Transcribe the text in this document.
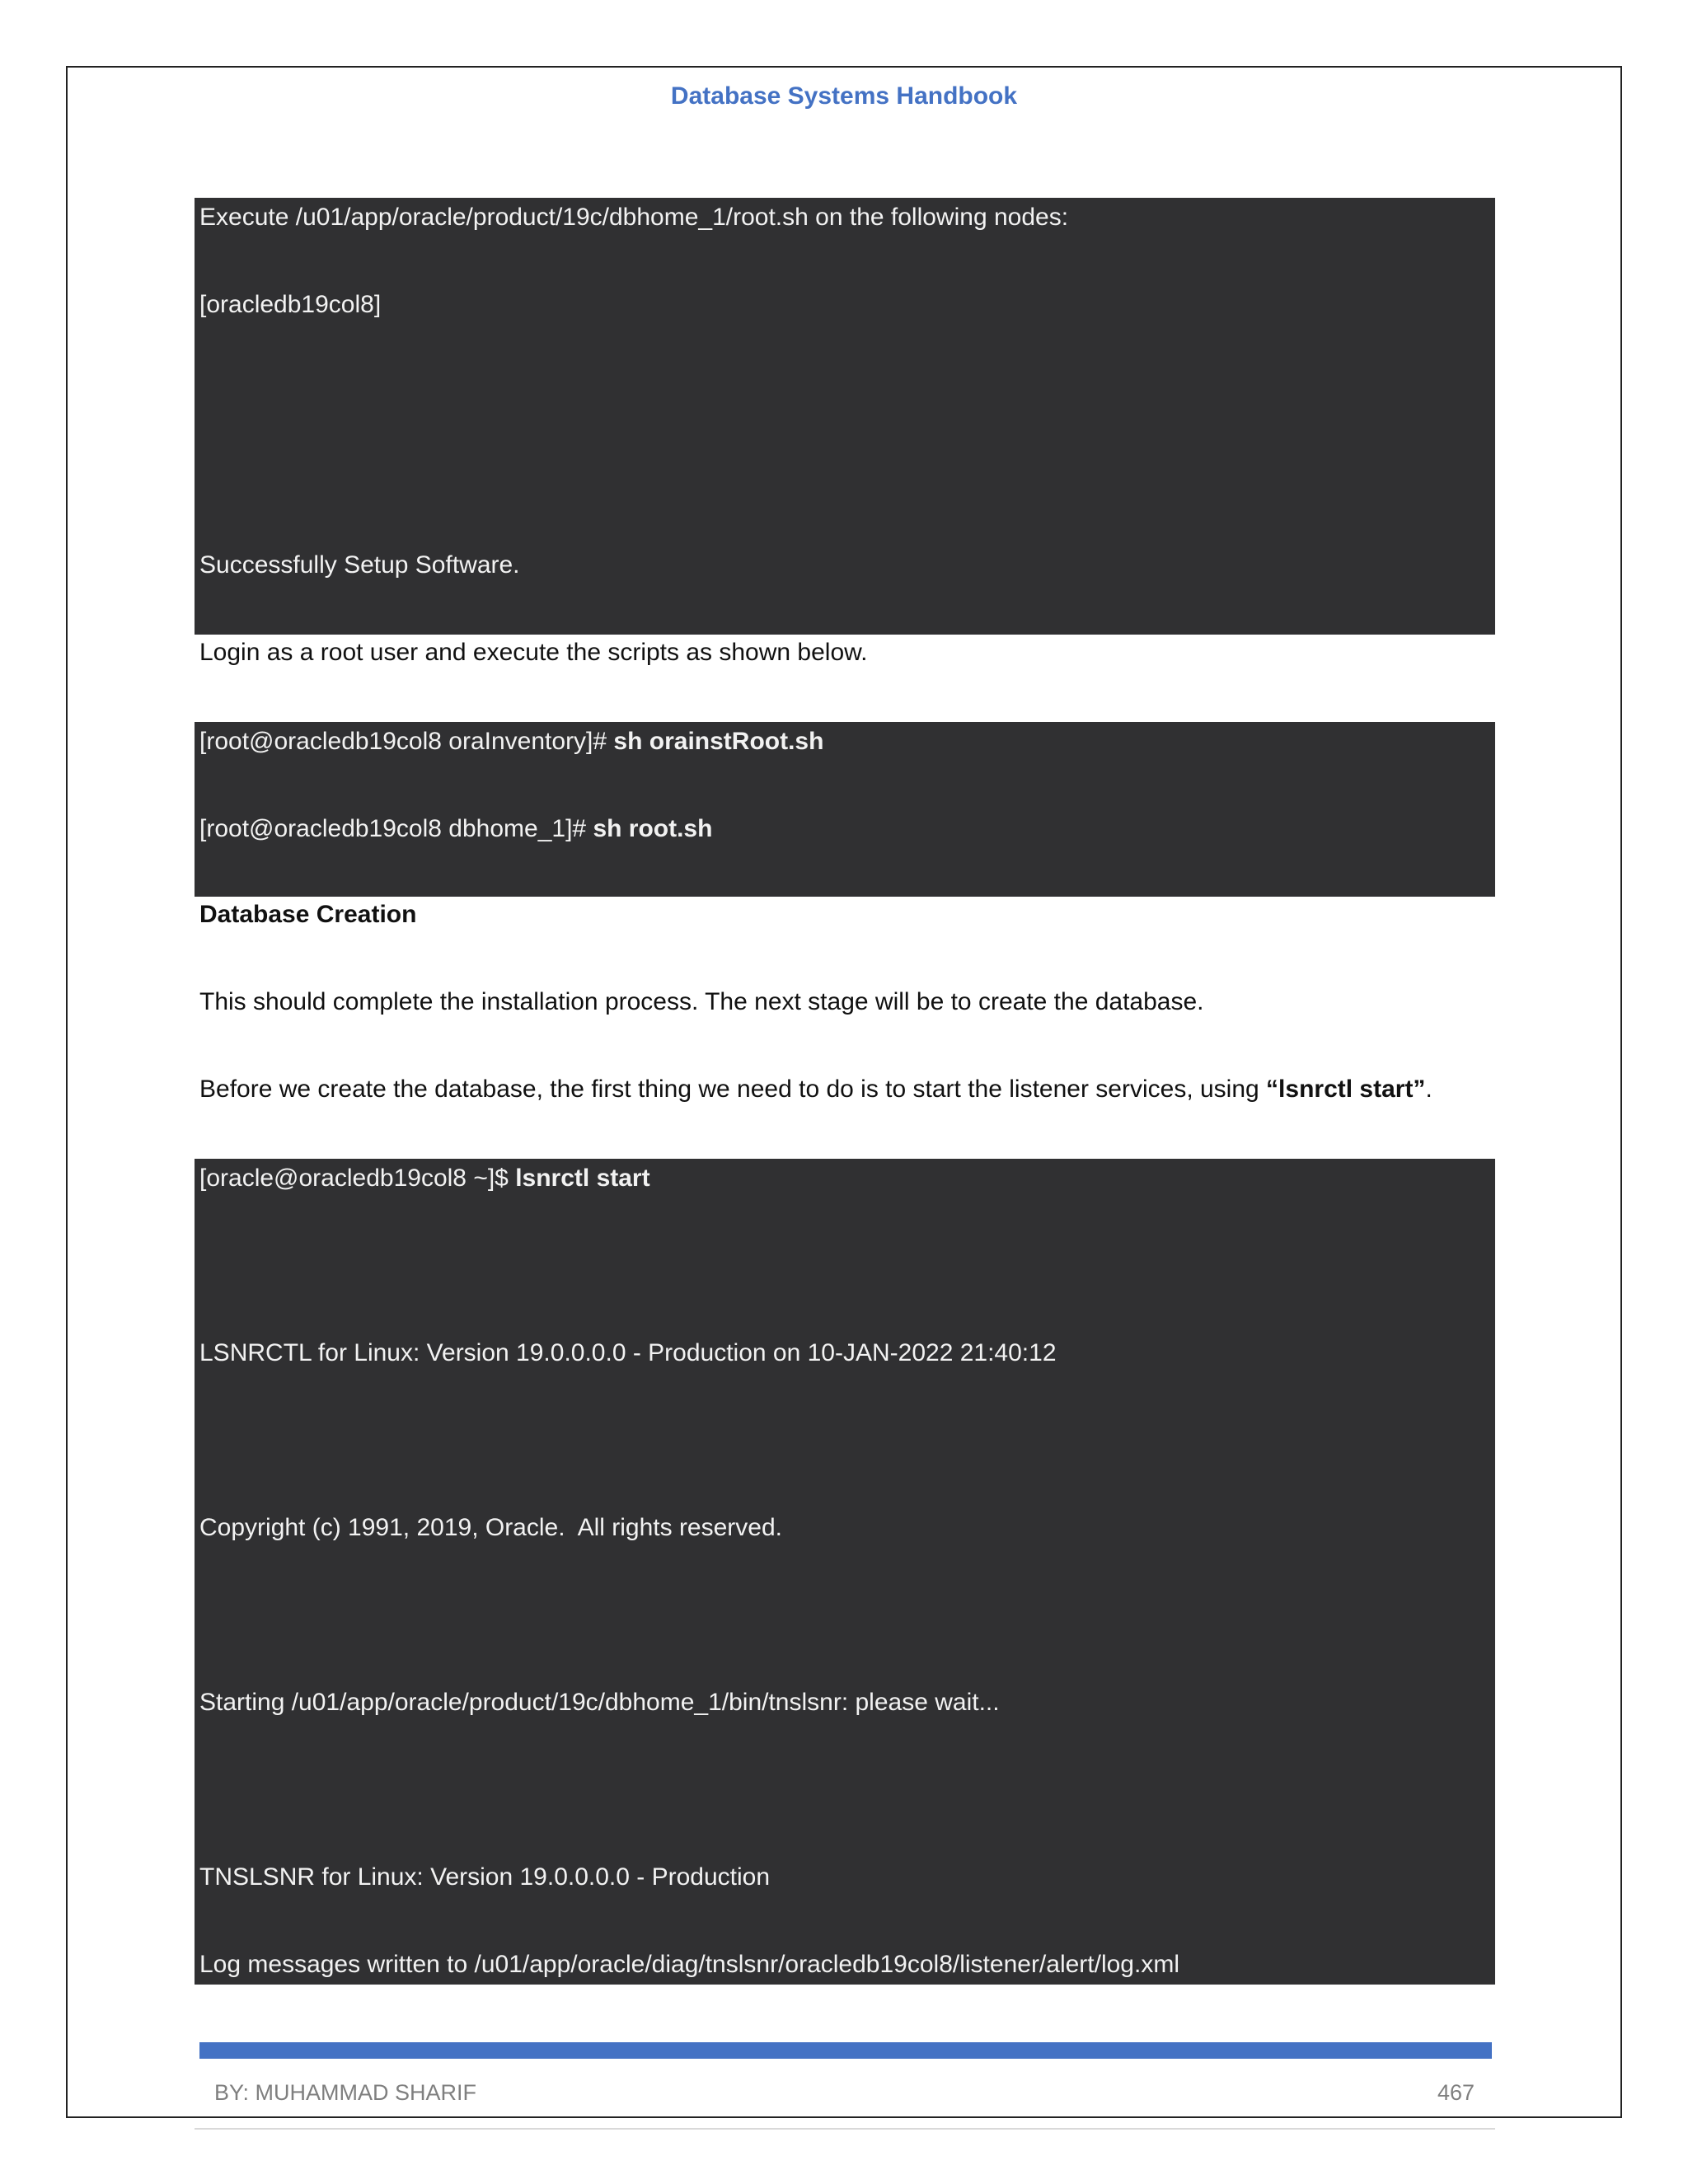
Database Systems Handbook
Execute /u01/app/oracle/product/19c/dbhome_1/root.sh on the following nodes:
[oracledb19col8]
Successfully Setup Software.
Login as a root user and execute the scripts as shown below.
[root@oracledb19col8 oraInventory]# sh orainstRoot.sh
[root@oracledb19col8 dbhome_1]# sh root.sh
Database Creation
This should complete the installation process. The next stage will be to create the database.
Before we create the database, the first thing we need to do is to start the listener services, using “lsnrctl start”.
[oracle@oracledb19col8 ~]$ lsnrctl start
LSNRCTL for Linux: Version 19.0.0.0.0 - Production on 10-JAN-2022 21:40:12
Copyright (c) 1991, 2019, Oracle.  All rights reserved.
Starting /u01/app/oracle/product/19c/dbhome_1/bin/tnslsnr: please wait...
TNSLSNR for Linux: Version 19.0.0.0.0 - Production
Log messages written to /u01/app/oracle/diag/tnslsnr/oracledb19col8/listener/alert/log.xml
BY: MUHAMMAD SHARIF	467
